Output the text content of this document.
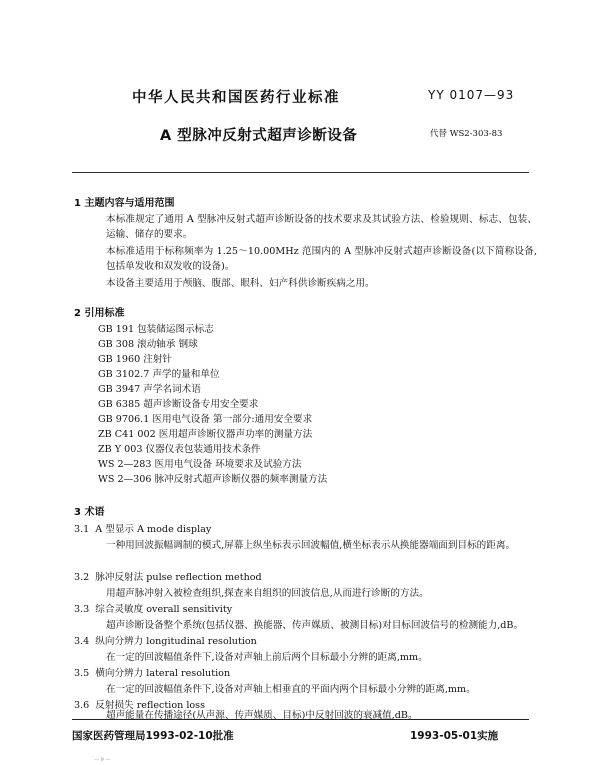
中华人民共和国医药行业标准	YY 0107—93
A 型脉冲反射式超声诊断设备	代替 WS2-303-83
1 主题内容与适用范围
本标准规定了通用 A 型脉冲反射式超声诊断设备的技术要求及其试验方法、检验规则、标志、包装、运输、储存的要求。
本标准适用于标称频率为 1.25～10.00MHz 范围内的 A 型脉冲反射式超声诊断设备(以下简称设备,包括单发收和双发收的设备)。
本设备主要适用于颅脑、腹部、眼科、妇产科供诊断疾病之用。
2 引用标准
GB 191 包装储运图示标志
GB 308 滚动轴承 钢球
GB 1960 注射针
GB 3102.7 声学的量和单位
GB 3947 声学名词术语
GB 6385 超声诊断设备专用安全要求
GB 9706.1 医用电气设备 第一部分:通用安全要求
ZB C41 002 医用超声诊断仪器声功率的测量方法
ZB Y 003 仪器仪表包装通用技术条件
WS 2—283 医用电气设备 环境要求及试验方法
WS 2—306 脉冲反射式超声诊断仪器的频率测量方法
3 术语
3.1 A 型显示 A mode display
一种用回波振幅调制的模式,屏幕上纵坐标表示回波幅值,横坐标表示从换能器端面到目标的距离。
3.2 脉冲反射法 pulse reflection method
用超声脉冲射入被检查组织,探查来自组织的回波信息,从而进行诊断的方法。
3.3 综合灵敏度 overall sensitivity
超声诊断设备整个系统(包括仪器、换能器、传声媒质、被测目标)对目标回波信号的检测能力,dB。
3.4 纵向分辨力 longitudinal resolution
在一定的回波幅值条件下,设备对声轴上前后两个目标最小分辨的距离,mm。
3.5 横向分辨力 lateral resolution
在一定的回波幅值条件下,设备对声轴上相垂直的平面内两个目标最小分辨的距离,mm。
3.6 反射损失 reflection loss
超声能量在传播途径(从声源、传声媒质、目标)中反射回波的衰减值,dB。
国家医药管理局1993-02-10批准	1993-05-01实施
— 9 —
